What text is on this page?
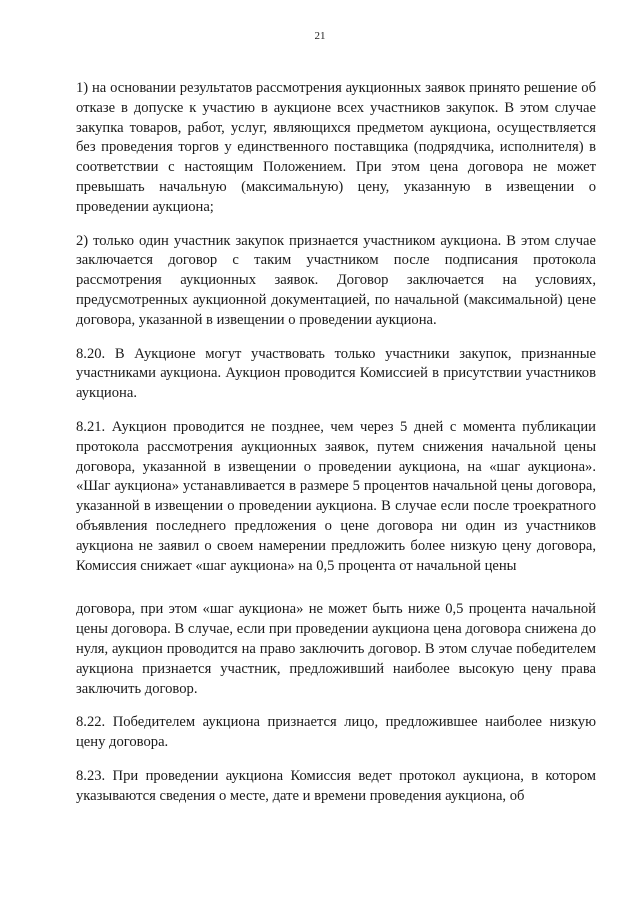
21

1) на основании результатов рассмотрения аукционных заявок принято решение об отказе в допуске к участию в аукционе всех участников закупок. В этом случае закупка товаров, работ, услуг, являющихся предметом аукциона, осуществляется без проведения торгов у единственного поставщика (подрядчика, исполнителя) в соответствии с настоящим Положением. При этом цена договора не может превышать начальную (максимальную) цену, указанную в извещении о проведении аукциона;

2) только один участник закупок признается участником аукциона. В этом случае заключается договор с таким участником после подписания протокола рассмотрения аукционных заявок. Договор заключается на условиях, предусмотренных аукционной документацией, по начальной (максимальной) цене договора, указанной в извещении о проведении аукциона.

8.20. В Аукционе могут участвовать только участники закупок, признанные участниками аукциона. Аукцион проводится Комиссией в присутствии участников аукциона.

8.21. Аукцион проводится не позднее, чем через 5 дней с момента публикации протокола рассмотрения аукционных заявок, путем снижения начальной цены договора, указанной в извещении о проведении аукциона, на «шаг аукциона». «Шаг аукциона» устанавливается в размере 5 процентов начальной цены договора, указанной в извещении о проведении аукциона. В случае если после троекратного объявления последнего предложения о цене договора ни один из участников аукциона не заявил о своем намерении предложить более низкую цену договора, Комиссия снижает «шаг аукциона» на 0,5 процента от начальной цены

договора, при этом «шаг аукциона» не может быть ниже 0,5 процента начальной цены договора. В случае, если при проведении аукциона цена договора снижена до нуля, аукцион проводится на право заключить договор. В этом случае победителем аукциона признается участник, предложивший наиболее высокую цену права заключить договор.

8.22. Победителем аукциона признается лицо, предложившее наиболее низкую цену договора.

8.23. При проведении аукциона Комиссия ведет протокол аукциона, в котором указываются сведения о месте, дате и времени проведения аукциона, об
